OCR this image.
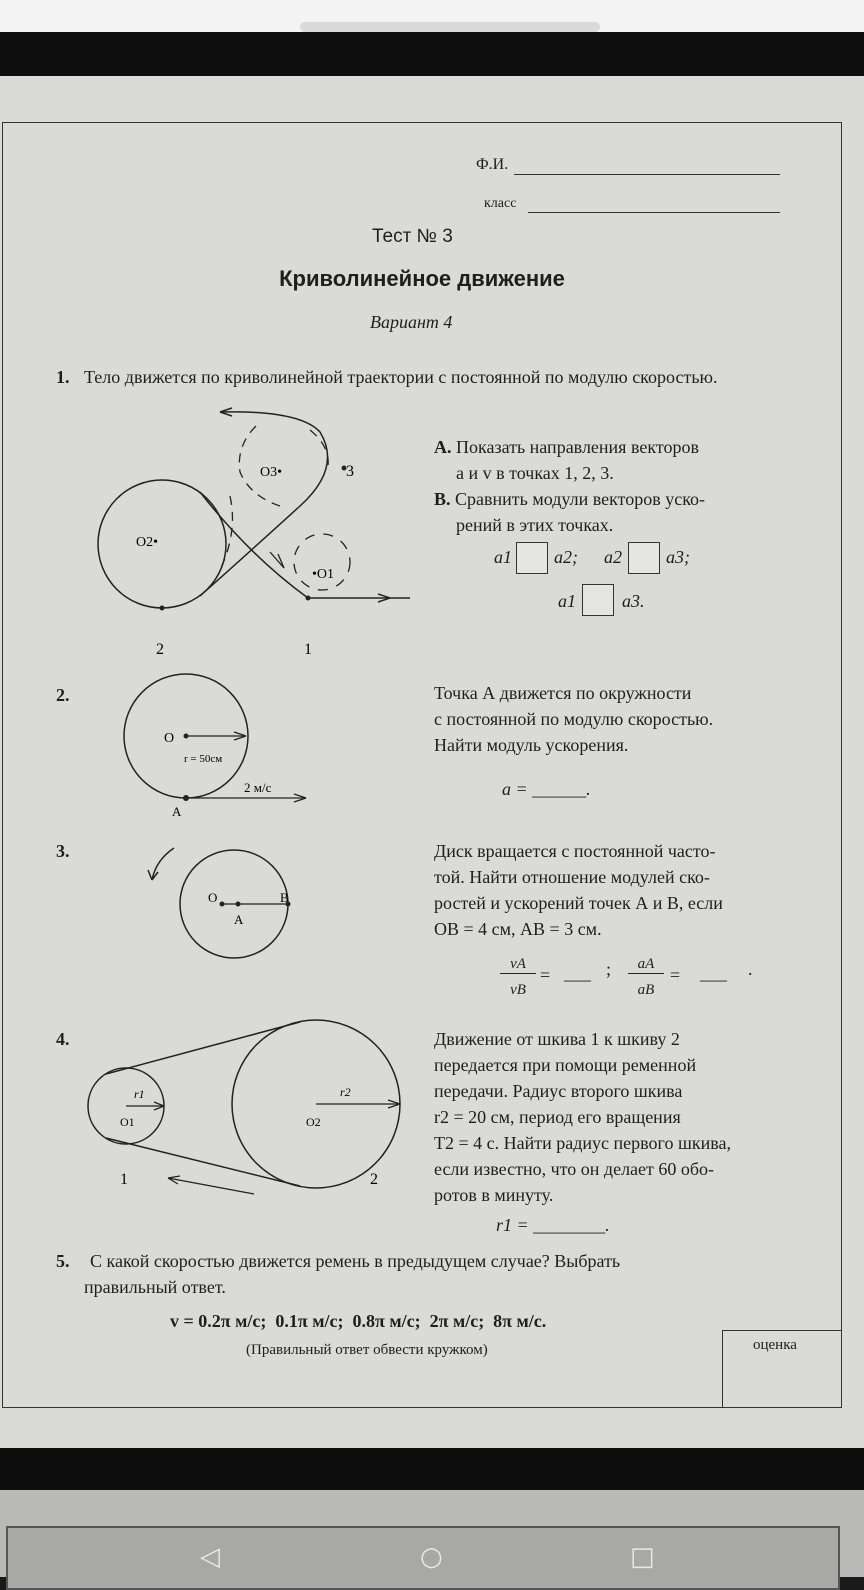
Ф.И.
класс
Тест № 3
Криволинейное движение
Вариант 4
1. Тело движется по криволинейной траектории с постоянной по модулю скоростью.
O2•
O3•
•O1
3
2	1
А. Показать направления векторов
a и v в точках 1, 2, 3.
В. Сравнить модули векторов уско-
рений в этих точках.
a1 a2; a2 a3;
a1	a3.
2.
O
r = 50см
2 м/с
A
Точка А движется по окружности
с постоянной по модулю скоростью.
Найти модуль ускорения.
a = ______.
3.
O
A
B
Диск вращается с постоянной часто-
той. Найти отношение модулей ско-
ростей и ускорений точек А и В, если
ОВ = 4 см, АВ = 3 см.
vA
vB
= ___ ;	aA
aB
= ___ .
4.
r1
O1
r2
O2
1	2
Движение от шкива 1 к шкиву 2
передается при помощи ременной
передачи. Радиус второго шкива
r2 = 20 см, период его вращения
Т2 = 4 с. Найти радиус первого шкива,
если известно, что он делает 60 обо-
ротов в минуту.
r1 = ________.
5. С какой скоростью движется ремень в предыдущем случае? Выбрать
правильный ответ.
v = 0.2π м/с;  0.1π м/с;  0.8π м/с;  2π м/с;  8π м/с.
(Правильный ответ обвести кружком)	оценка
◁	○	□
